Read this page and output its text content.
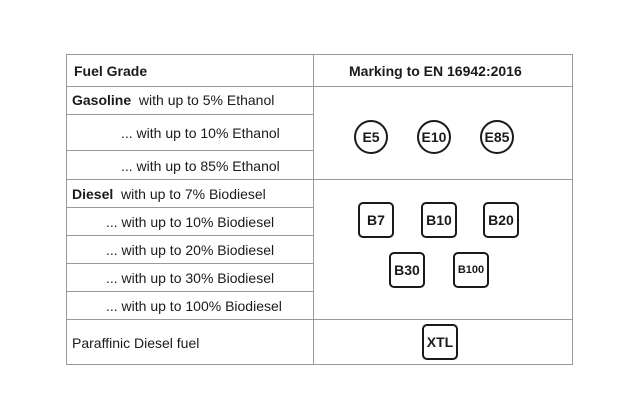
Fuel Grade	Marking to EN 16942:2016
Gasoline with up to 5% Ethanol
... with up to 10% Ethanol
... with up to 85% Ethanol
E5	E10	E85
Diesel with up to 7% Biodiesel
... with up to 10% Biodiesel
... with up to 20% Biodiesel
... with up to 30% Biodiesel
... with up to 100% Biodiesel
B7	B10	B20
B30	B100
Paraffinic Diesel fuel	XTL
